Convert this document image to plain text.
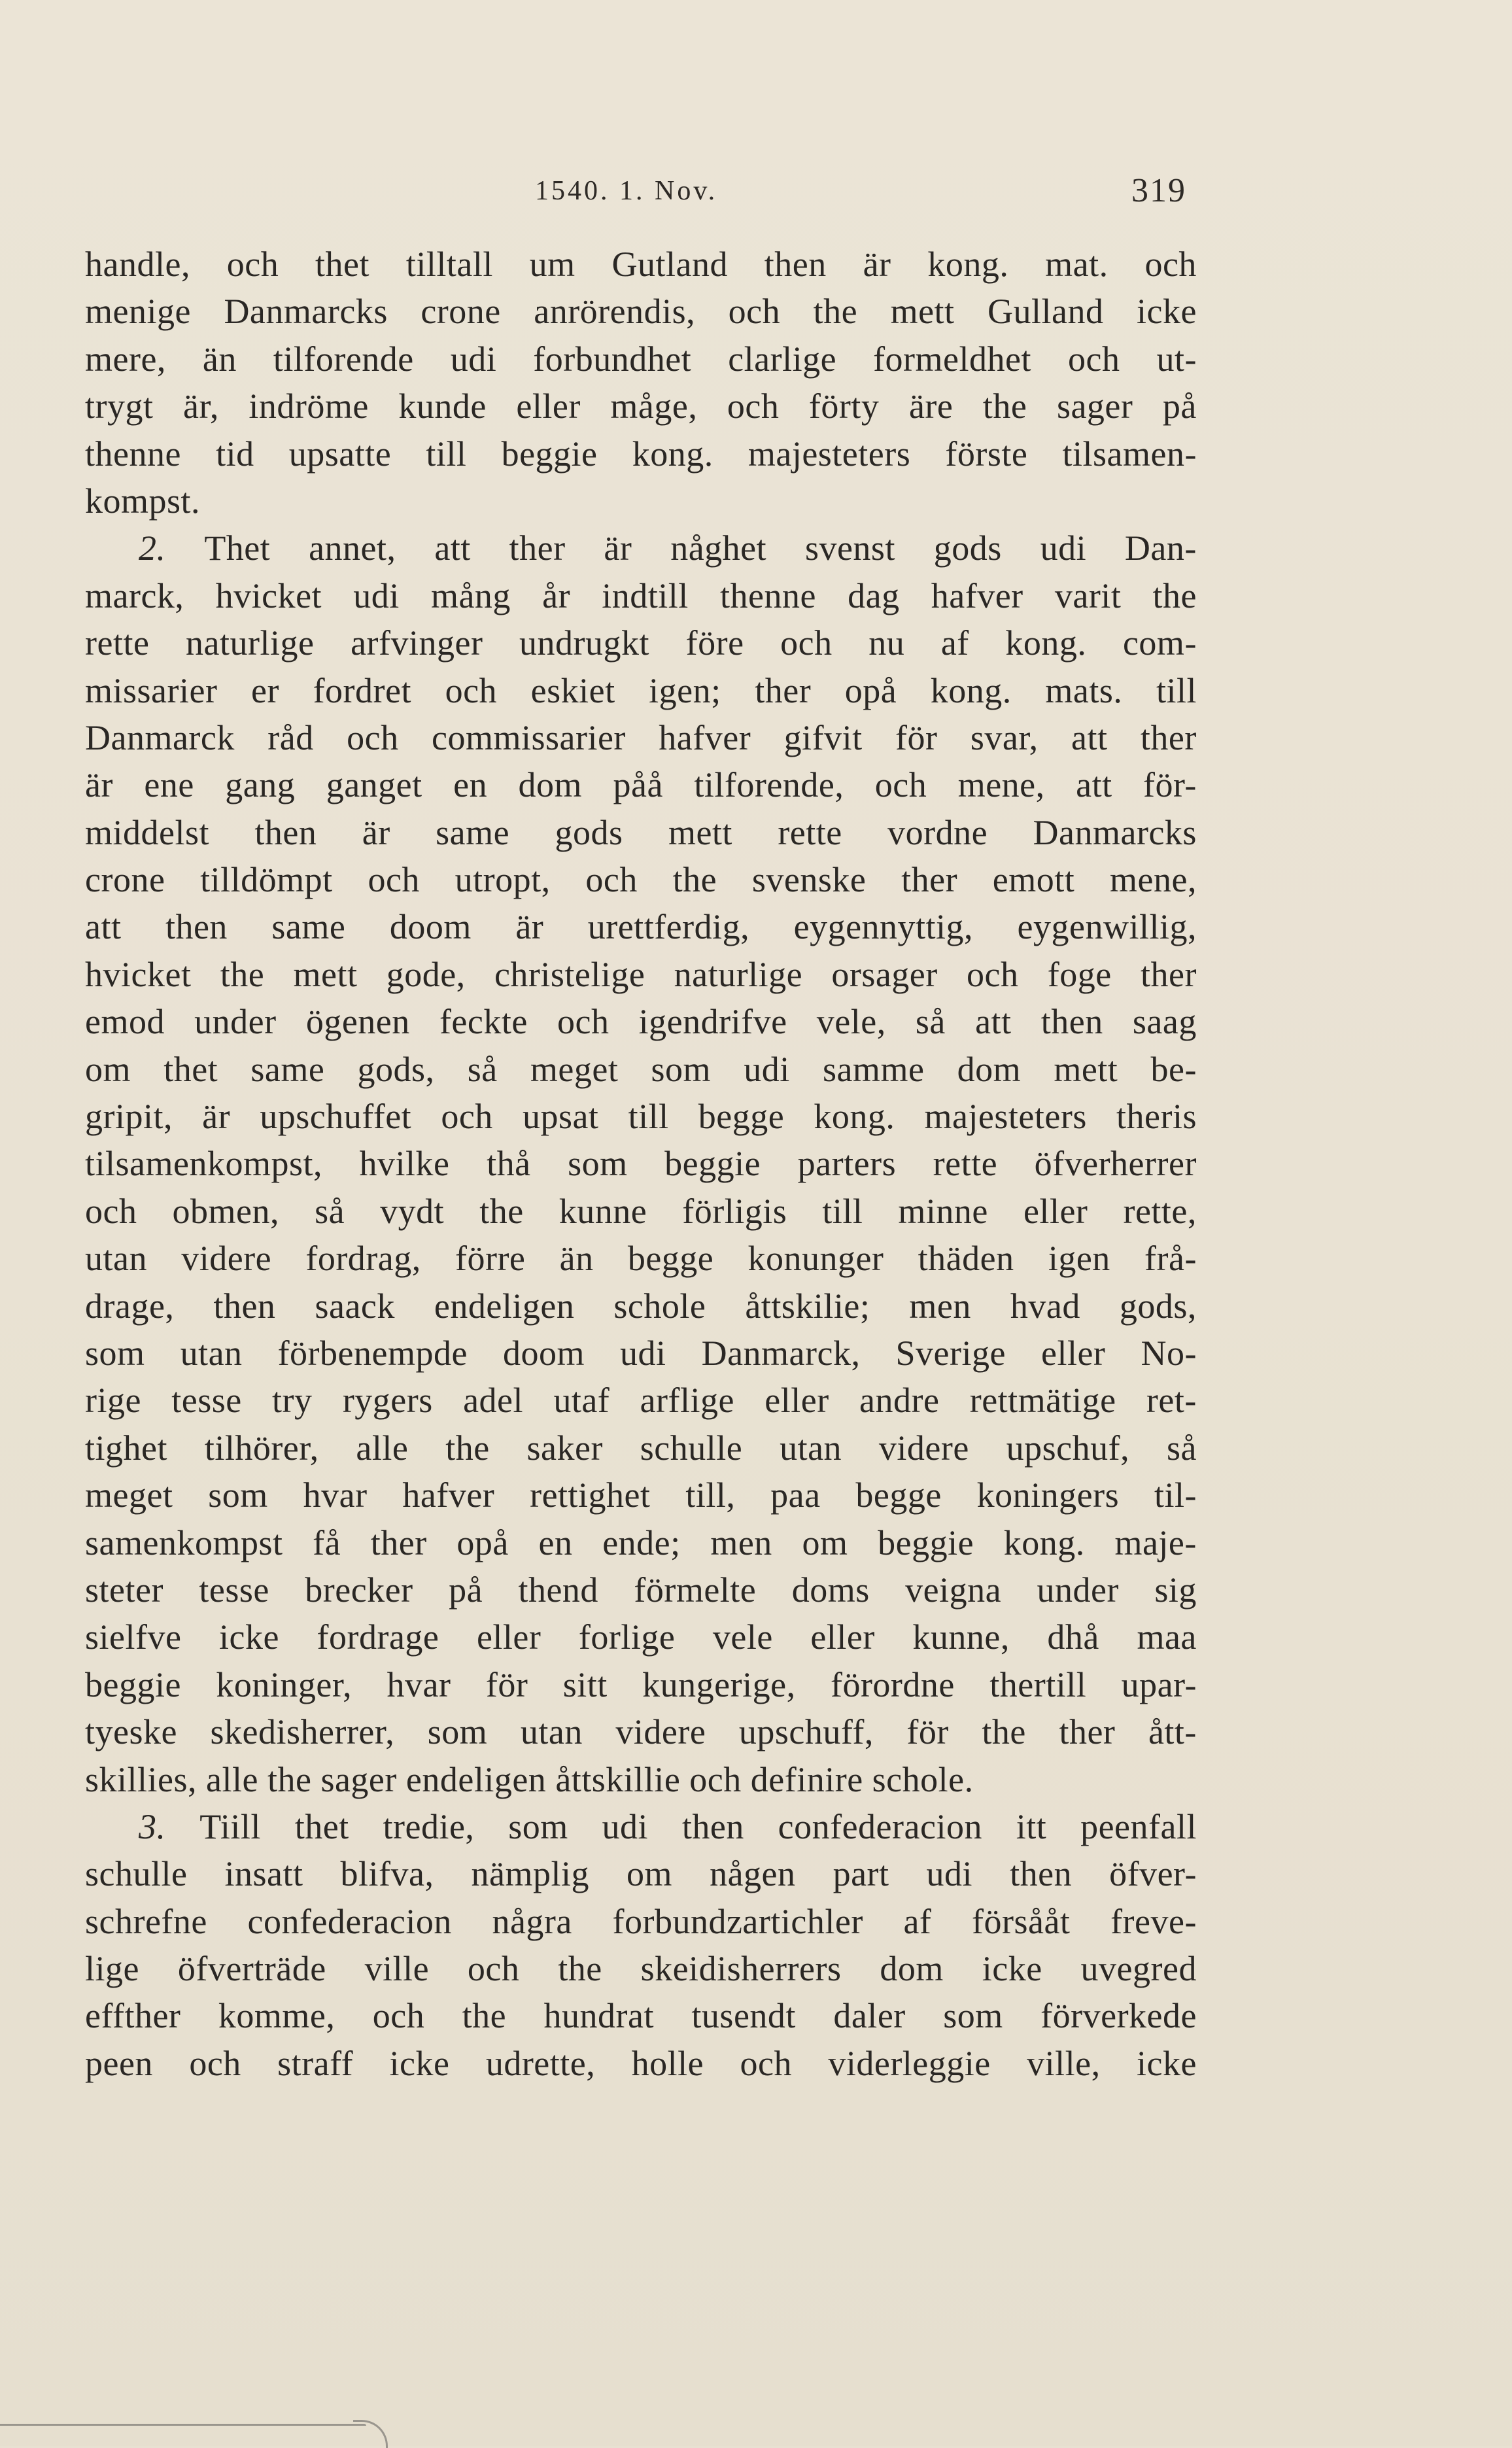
1540. 1. Nov.	319
handle, och thet tilltall um Gutland then är kong. mat. och
menige Danmarcks crone anrörendis, och the mett Gulland icke
mere, än tilforende udi forbundhet clarlige formeldhet och ut-
trygt är, indröme kunde eller måge, och förty äre the sager på
thenne tid upsatte till beggie kong. majesteters förste tilsamen-
kompst.
2. Thet annet, att ther är någhet svenst gods udi Dan-
marck, hvicket udi mång år indtill thenne dag hafver varit the
rette naturlige arfvinger undrugkt före och nu af kong. com-
missarier er fordret och eskiet igen; ther opå kong. mats. till
Danmarck råd och commissarier hafver gifvit för svar, att ther
är ene gang ganget en dom påå tilforende, och mene, att för-
middelst then är same gods mett rette vordne Danmarcks
crone tilldömpt och utropt, och the svenske ther emott mene,
att then same doom är urettferdig, eygennyttig, eygenwillig,
hvicket the mett gode, christelige naturlige orsager och foge ther
emod under ögenen feckte och igendrifve vele, så att then saag
om thet same gods, så meget som udi samme dom mett be-
gripit, är upschuffet och upsat till begge kong. majesteters theris
tilsamenkompst, hvilke thå som beggie parters rette öfverherrer
och obmen, så vydt the kunne förligis till minne eller rette,
utan videre fordrag, förre än begge konunger thäden igen frå-
drage, then saack endeligen schole åttskilie; men hvad gods,
som utan förbenempde doom udi Danmarck, Sverige eller No-
rige tesse try rygers adel utaf arflige eller andre rettmätige ret-
tighet tilhörer, alle the saker schulle utan videre upschuf, så
meget som hvar hafver rettighet till, paa begge koningers til-
samenkompst få ther opå en ende; men om beggie kong. maje-
steter tesse brecker på thend förmelte doms veigna under sig
sielfve icke fordrage eller forlige vele eller kunne, dhå maa
beggie koninger, hvar för sitt kungerige, förordne thertill upar-
tyeske skedisherrer, som utan videre upschuff, för the ther ått-
skillies, alle the sager endeligen åttskillie och definire schole.
3. Tiill thet tredie, som udi then confederacion itt peenfall
schulle insatt blifva, nämplig om någen part udi then öfver-
schrefne confederacion några forbundzartichler af försååt freve-
lige öfverträde ville och the skeidisherrers dom icke uvegred
effther komme, och the hundrat tusendt daler som förverkede
peen och straff icke udrette, holle och viderleggie ville, icke
